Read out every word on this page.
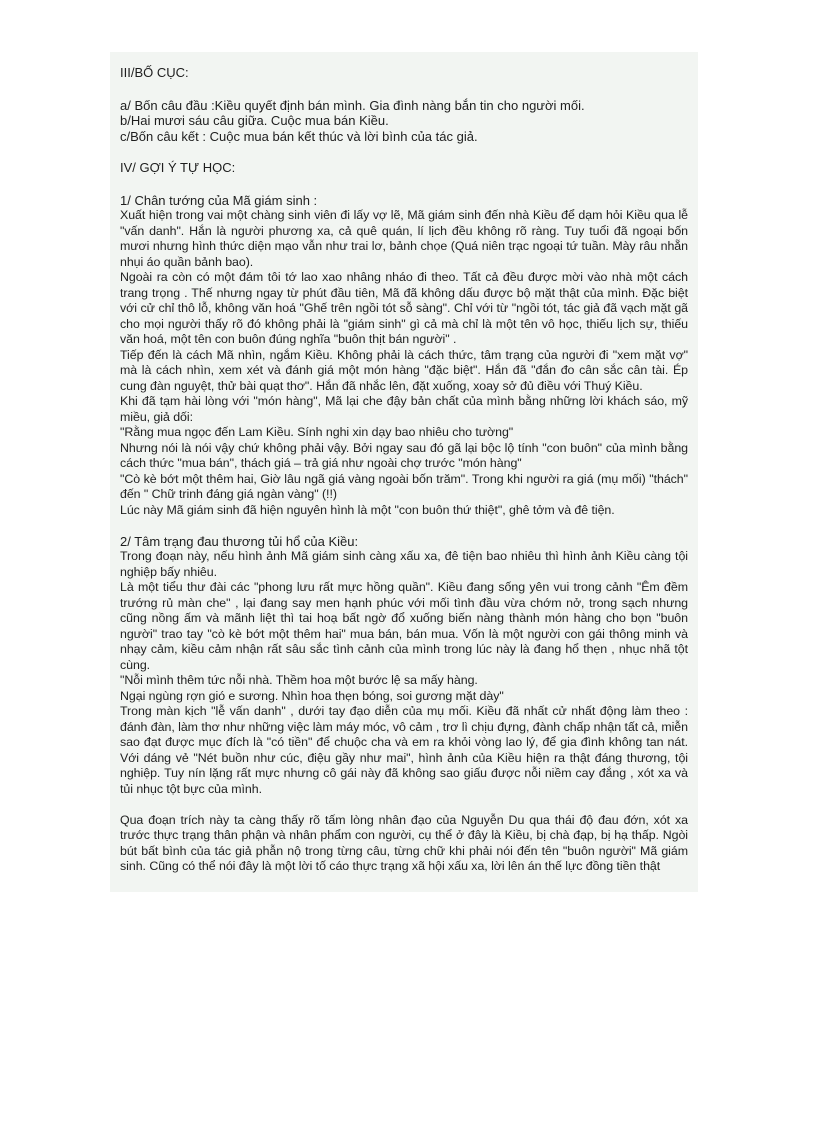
III/BỐ CỤC:

a/ Bốn câu đầu :Kiều quyết định bán mình. Gia đình nàng bắn tin cho người mối.

b/Hai mươi sáu câu giữa. Cuộc mua bán Kiều.

c/Bốn câu kết : Cuộc mua bán kết thúc và lời bình của tác giả.

IV/ GỢI Ý TỰ HỌC:

1/ Chân tướng của Mã giám sinh :

Xuất hiện trong vai một chàng sinh viên đi lấy vợ lẽ, Mã giám sinh đến nhà Kiều để dạm hỏi Kiều qua lễ "vấn danh". Hắn là người phương xa, cả quê quán, lí lịch đều không rõ ràng. Tuy tuổi đã ngoại bốn mươi nhưng hình thức diện mạo vẫn như trai lơ, bảnh chọe (Quá niên trạc ngoại tứ tuần. Mày râu nhẵn nhụi áo quần bảnh bao).

Ngoài ra còn có một đám tôi tớ lao xao nhâng nháo đi theo. Tất cả đều được mời vào nhà một cách trang trọng . Thế nhưng ngay từ phút đầu tiên, Mã đã không dấu được bộ mặt thật của mình. Đặc biệt với cử chỉ thô lỗ, không văn hoá "Ghế trên ngồi tót sỗ sàng". Chỉ với từ "ngồi tót, tác giả đã vạch mặt gã cho mọi người thấy rõ đó không phải là "giám sinh" gì cả mà chỉ là một tên vô học, thiếu lịch sự, thiếu văn hoá, một tên con buôn đúng nghĩa "buôn thịt bán người" .

Tiếp đến là cách Mã nhìn, ngắm Kiều. Không phải là cách thức, tâm trạng của người đi "xem mặt vợ" mà là cách nhìn, xem xét và đánh giá một món hàng "đặc biệt". Hắn đã "đắn đo cân sắc cân tài. Ép cung đàn nguyệt, thử bài quạt thơ". Hắn đã nhắc lên, đặt xuống, xoay sở đủ điều với Thuý Kiều.

Khi đã tạm hài lòng với "món hàng", Mã lại che đậy bản chất của mình bằng những lời khách sáo, mỹ miều, giả dối:

"Rằng mua ngọc đến Lam Kiều. Sính nghi xin dạy bao nhiêu cho tường"

Nhưng nói là nói vậy chứ không phải vậy. Bởi ngay sau đó gã lại bộc lộ tính "con buôn" của mình bằng cách thức "mua bán", thách giá – trả giá như ngoài chợ trước "món hàng"

"Cò kè bớt một thêm hai, Giờ lâu ngã giá vàng ngoài bốn trăm". Trong khi người ra giá (mụ mối) "thách" đến " Chữ trinh đáng giá ngàn vàng" (!!)

Lúc này Mã giám sinh đã hiện nguyên hình là một "con buôn thứ thiệt", ghê tởm và đê tiện.

2/ Tâm trạng đau thương tủi hổ của Kiều:

Trong đoạn này, nếu hình ảnh Mã giám sinh càng xấu xa, đê tiện bao nhiêu thì hình ảnh Kiều càng tội nghiệp bấy nhiêu.

Là một tiểu thư đài các "phong lưu rất mực hồng quần". Kiều đang sống yên vui trong cảnh "Êm đềm trướng rủ màn che" , lại đang say men hạnh phúc với mối tình đầu vừa chớm nở, trong sạch nhưng cũng nồng ấm và mãnh liệt thì tai hoạ bất ngờ đổ xuống biến nàng thành món hàng cho bọn "buôn người" trao tay "cò kè bớt một thêm hai" mua bán, bán mua. Vốn là một người con gái thông minh và nhạy cảm, kiều cảm nhận rất sâu sắc tình cảnh của mình trong lúc này là đang hổ thẹn , nhục nhã tột cùng.

"Nỗi mình thêm tức nỗi nhà. Thềm hoa một bước lệ sa mấy hàng.

Ngại ngùng rợn gió e sương. Nhìn hoa thẹn bóng, soi gương mặt dày"

Trong màn kịch "lễ vấn danh" , dưới tay đạo diễn của mụ mối. Kiều đã nhất cử nhất động làm theo : đánh đàn, làm thơ như những việc làm máy móc, vô cảm , trơ lì chịu đựng, đành chấp nhận tất cả, miễn sao đạt được mục đích là "có tiền" để chuộc cha và em ra khỏi vòng lao lý, để gia đình không tan nát. Với dáng vẻ "Nét buồn như cúc, điệu gầy như mai", hình ảnh của Kiều hiện ra thật đáng thương, tội nghiệp. Tuy nín lặng rất mực nhưng cô gái này đã không sao giấu được nỗi niềm cay đắng , xót xa và tủi nhục tột bực của mình.

Qua đoạn trích này ta càng thấy rõ tấm lòng nhân đạo của Nguyễn Du qua thái độ đau đớn, xót xa trước thực trạng thân phận và nhân phẩm con người, cụ thể ở đây là Kiều, bị chà đạp, bị hạ thấp. Ngòi bút bất bình của tác giả phẫn nộ trong từng câu, từng chữ khi phải nói đến tên "buôn người" Mã giám sinh. Cũng có thể nói đây là một lời tố cáo thực trạng xã hội xấu xa, lời lên án thế lực đồng tiền thật
